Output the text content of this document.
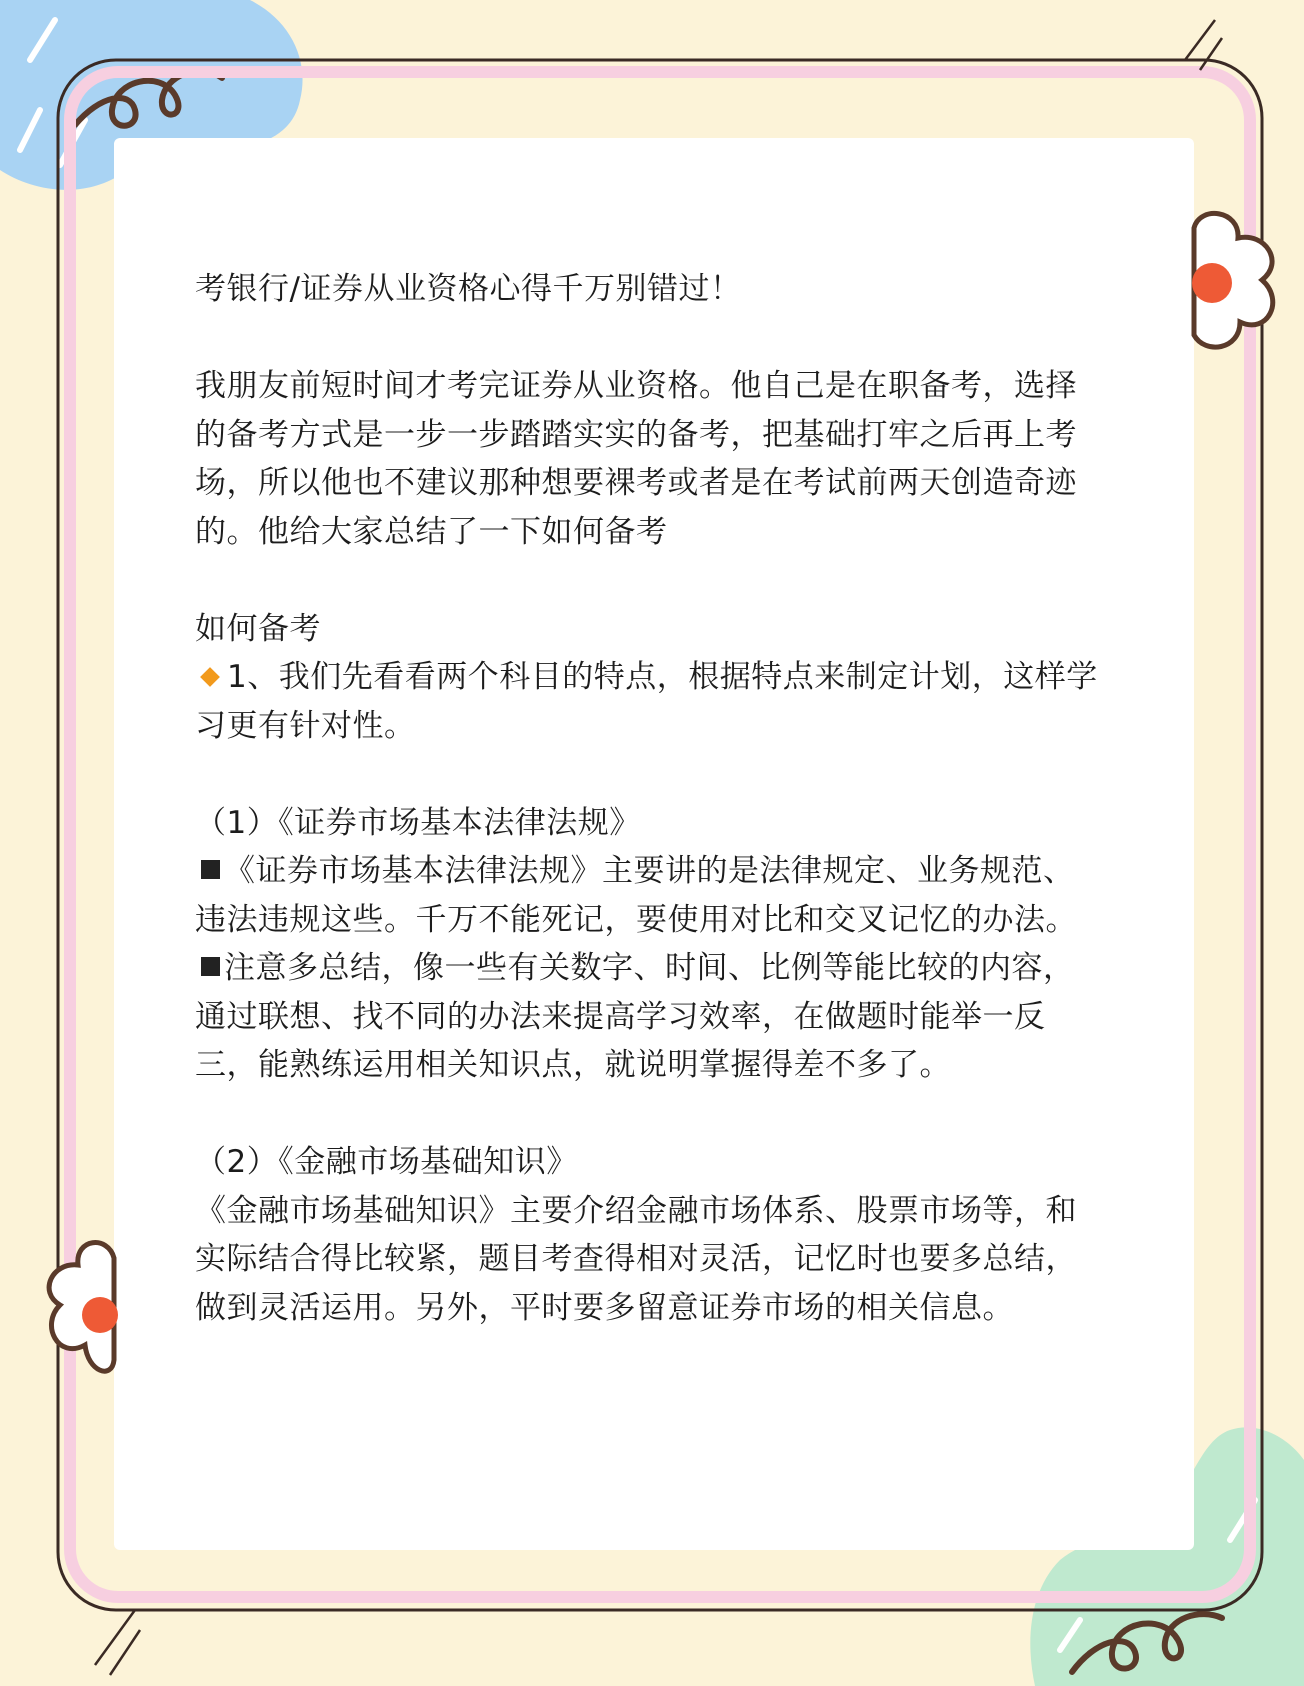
考银行/证券从业资格心得千万别错过！

我朋友前短时间才考完证券从业资格。他自己是在职备考，选择的备考方式是一步一步踏踏实实的备考，把基础打牢之后再上考场，所以他也不建议那种想要裸考或者是在考试前两天创造奇迹的。他给大家总结了一下如何备考

如何备考

1、我们先看看两个科目的特点，根据特点来制定计划，这样学习更有针对性。

（1）《证券市场基本法律法规》

《证券市场基本法律法规》主要讲的是法律规定、业务规范、违法违规这些。千万不能死记，要使用对比和交叉记忆的办法。

注意多总结，像一些有关数字、时间、比例等能比较的内容，通过联想、找不同的办法来提高学习效率，在做题时能举一反三，能熟练运用相关知识点，就说明掌握得差不多了。

（2）《金融市场基础知识》

《金融市场基础知识》主要介绍金融市场体系、股票市场等，和实际结合得比较紧，题目考查得相对灵活，记忆时也要多总结，做到灵活运用。另外，平时要多留意证券市场的相关信息。
